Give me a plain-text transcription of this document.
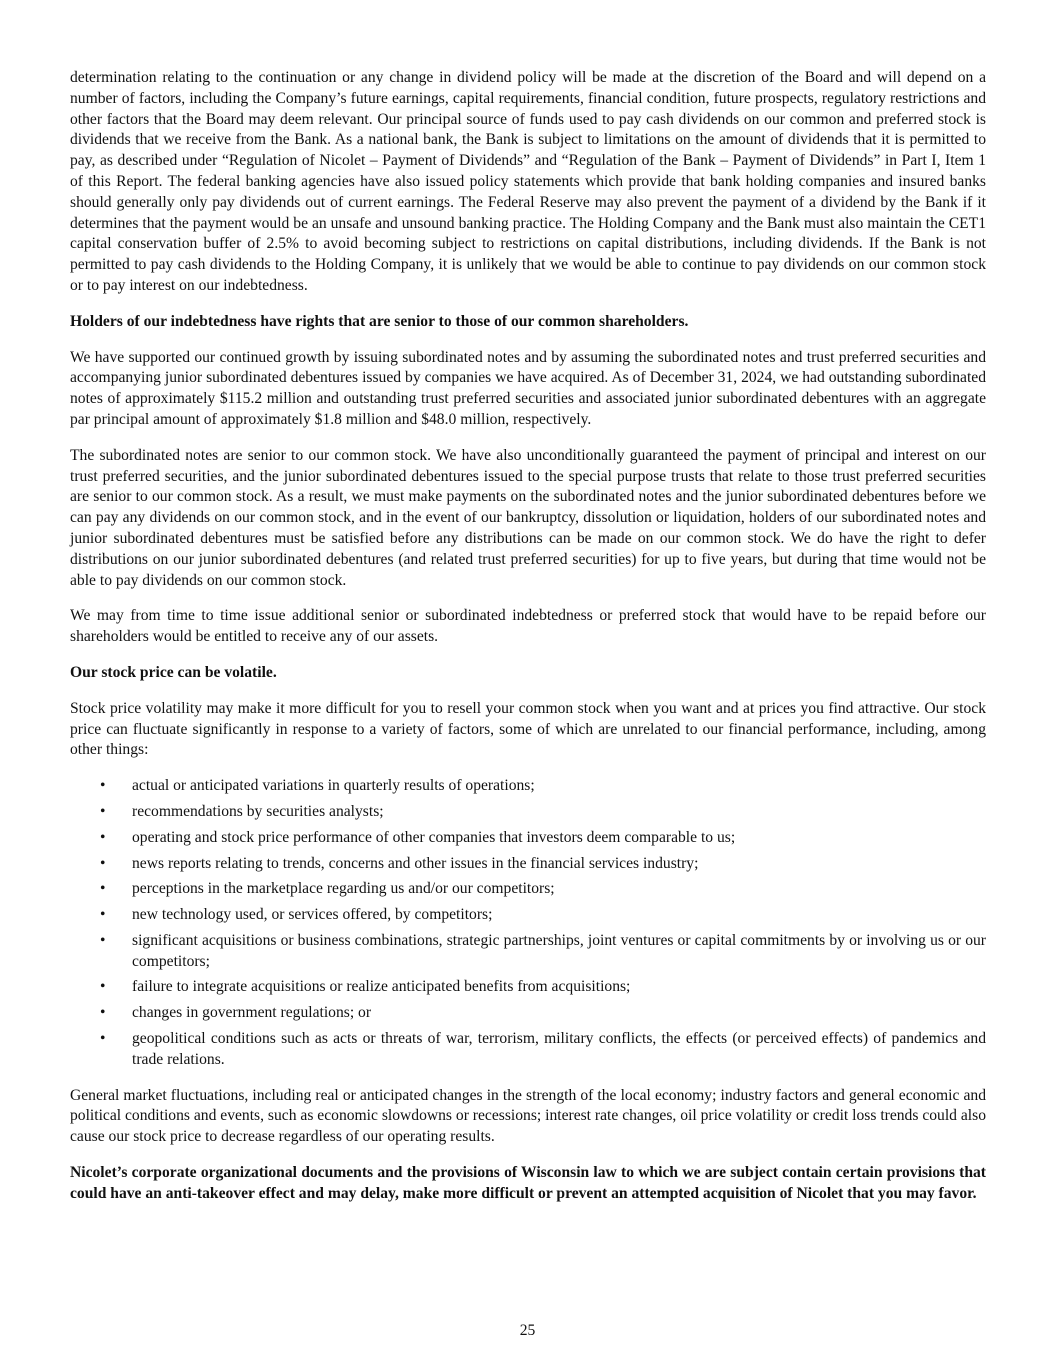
determination relating to the continuation or any change in dividend policy will be made at the discretion of the Board and will depend on a number of factors, including the Company’s future earnings, capital requirements, financial condition, future prospects, regulatory restrictions and other factors that the Board may deem relevant. Our principal source of funds used to pay cash dividends on our common and preferred stock is dividends that we receive from the Bank. As a national bank, the Bank is subject to limitations on the amount of dividends that it is permitted to pay, as described under “Regulation of Nicolet – Payment of Dividends” and “Regulation of the Bank – Payment of Dividends” in Part I, Item 1 of this Report. The federal banking agencies have also issued policy statements which provide that bank holding companies and insured banks should generally only pay dividends out of current earnings. The Federal Reserve may also prevent the payment of a dividend by the Bank if it determines that the payment would be an unsafe and unsound banking practice. The Holding Company and the Bank must also maintain the CET1 capital conservation buffer of 2.5% to avoid becoming subject to restrictions on capital distributions, including dividends. If the Bank is not permitted to pay cash dividends to the Holding Company, it is unlikely that we would be able to continue to pay dividends on our common stock or to pay interest on our indebtedness.

Holders of our indebtedness have rights that are senior to those of our common shareholders.

We have supported our continued growth by issuing subordinated notes and by assuming the subordinated notes and trust preferred securities and accompanying junior subordinated debentures issued by companies we have acquired. As of December 31, 2024, we had outstanding subordinated notes of approximately $115.2 million and outstanding trust preferred securities and associated junior subordinated debentures with an aggregate par principal amount of approximately $1.8 million and $48.0 million, respectively.

The subordinated notes are senior to our common stock. We have also unconditionally guaranteed the payment of principal and interest on our trust preferred securities, and the junior subordinated debentures issued to the special purpose trusts that relate to those trust preferred securities are senior to our common stock. As a result, we must make payments on the subordinated notes and the junior subordinated debentures before we can pay any dividends on our common stock, and in the event of our bankruptcy, dissolution or liquidation, holders of our subordinated notes and junior subordinated debentures must be satisfied before any distributions can be made on our common stock. We do have the right to defer distributions on our junior subordinated debentures (and related trust preferred securities) for up to five years, but during that time would not be able to pay dividends on our common stock.

We may from time to time issue additional senior or subordinated indebtedness or preferred stock that would have to be repaid before our shareholders would be entitled to receive any of our assets.

Our stock price can be volatile.

Stock price volatility may make it more difficult for you to resell your common stock when you want and at prices you find attractive. Our stock price can fluctuate significantly in response to a variety of factors, some of which are unrelated to our financial performance, including, among other things:

• actual or anticipated variations in quarterly results of operations;
• recommendations by securities analysts;
• operating and stock price performance of other companies that investors deem comparable to us;
• news reports relating to trends, concerns and other issues in the financial services industry;
• perceptions in the marketplace regarding us and/or our competitors;
• new technology used, or services offered, by competitors;
• significant acquisitions or business combinations, strategic partnerships, joint ventures or capital commitments by or involving us or our competitors;
• failure to integrate acquisitions or realize anticipated benefits from acquisitions;
• changes in government regulations; or
• geopolitical conditions such as acts or threats of war, terrorism, military conflicts, the effects (or perceived effects) of pandemics and trade relations.

General market fluctuations, including real or anticipated changes in the strength of the local economy; industry factors and general economic and political conditions and events, such as economic slowdowns or recessions; interest rate changes, oil price volatility or credit loss trends could also cause our stock price to decrease regardless of our operating results.

Nicolet’s corporate organizational documents and the provisions of Wisconsin law to which we are subject contain certain provisions that could have an anti-takeover effect and may delay, make more difficult or prevent an attempted acquisition of Nicolet that you may favor.

25
